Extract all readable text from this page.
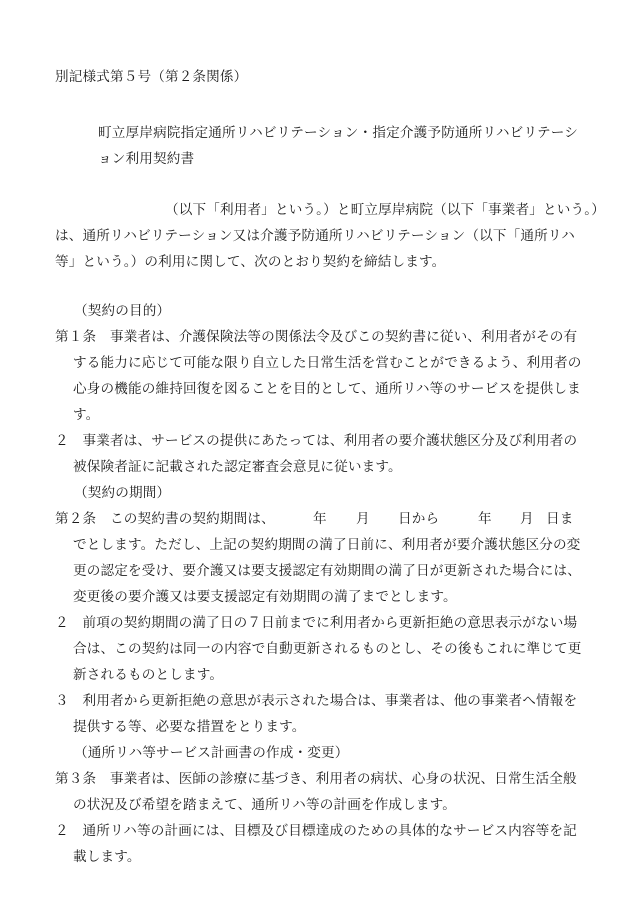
別記様式第５号（第２条関係）

町立厚岸病院指定通所リハビリテーション・指定介護予防通所リハビリテーシ

ョン利用契約書

（以下「利用者」という。）と町立厚岸病院（以下「事業者」という。）

は、通所リハビリテーション又は介護予防通所リハビリテーション（以下「通所リハ

等」という。）の利用に関して、次のとおり契約を締結します。

（契約の目的）

第１条　事業者は、介護保険法等の関係法令及びこの契約書に従い、利用者がその有

する能力に応じて可能な限り自立した日常生活を営むことができるよう、利用者の

心身の機能の維持回復を図ることを目的として、通所リハ等のサービスを提供しま

す。

２　事業者は、サービスの提供にあたっては、利用者の要介護状態区分及び利用者の

被保険者証に記載された認定審査会意見に従います。

（契約の期間）

第２条　この契約書の契約期間は、	年 月 日から	年 月 日ま

でとします。ただし、上記の契約期間の満了日前に、利用者が要介護状態区分の変

更の認定を受け、要介護又は要支援認定有効期間の満了日が更新された場合には、

変更後の要介護又は要支援認定有効期間の満了までとします。

２　前項の契約期間の満了日の７日前までに利用者から更新拒絶の意思表示がない場

合は、この契約は同一の内容で自動更新されるものとし、その後もこれに準じて更

新されるものとします。

３　利用者から更新拒絶の意思が表示された場合は、事業者は、他の事業者へ情報を

提供する等、必要な措置をとります。

（通所リハ等サービス計画書の作成・変更）

第３条　事業者は、医師の診療に基づき、利用者の病状、心身の状況、日常生活全般

の状況及び希望を踏まえて、通所リハ等の計画を作成します。

２　通所リハ等の計画には、目標及び目標達成のための具体的なサービス内容等を記

載します。
